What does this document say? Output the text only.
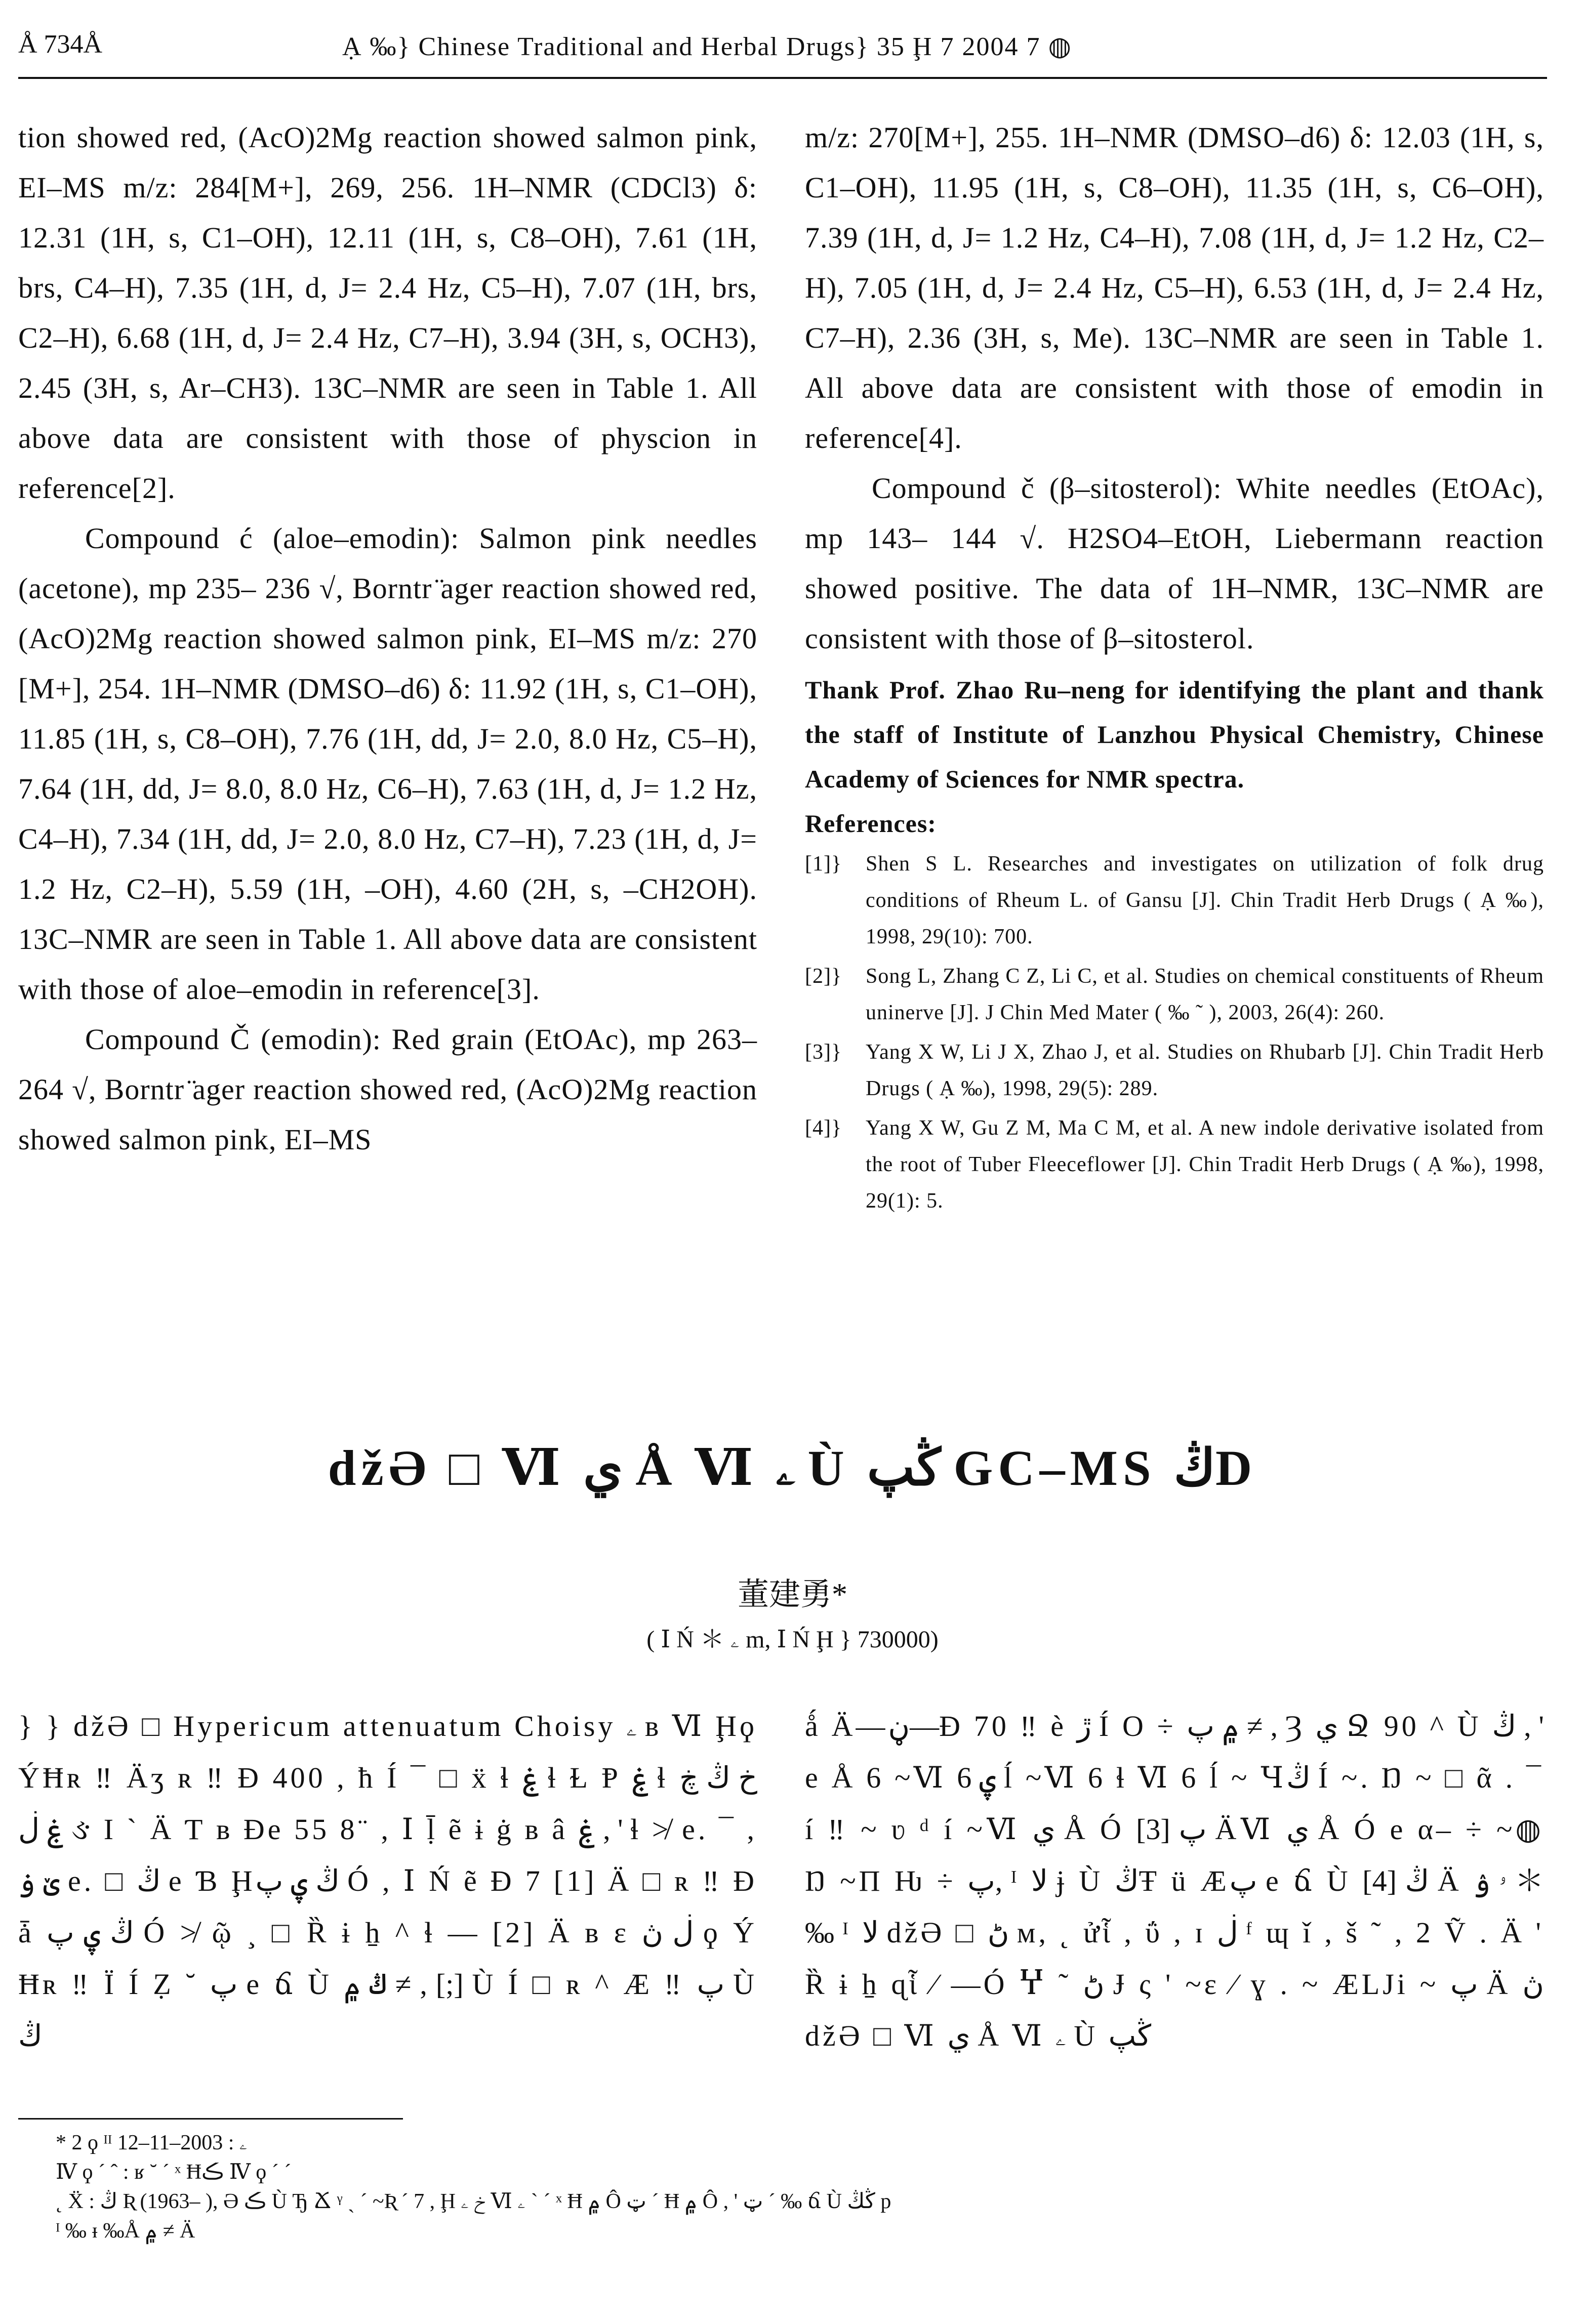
Å 734Å	Ạ ‰} Chinese Traditional and Herbal Drugs} 35 Ḩ 7 2004 7 ◍

tion showed red, (AcO)2Mg reaction showed salmon pink, EI–MS m/z: 284[M+], 269, 256. 1H–NMR (CDCl3) δ: 12.31 (1H, s, C1–OH), 12.11 (1H, s, C8–OH), 7.61 (1H, brs, C4–H), 7.35 (1H, d, J= 2.4 Hz, C5–H), 7.07 (1H, brs, C2–H), 6.68 (1H, d, J= 2.4 Hz, C7–H), 3.94 (3H, s, OCH3), 2.45 (3H, s, Ar–CH3). 13C–NMR are seen in Table 1. All above data are consistent with those of physcion in reference[2].

Compound ć (aloe–emodin): Salmon pink needles (acetone), mp 235– 236 √, Borntr ̈ager reaction showed red, (AcO)2Mg reaction showed salmon pink, EI–MS m/z: 270 [M+], 254. 1H–NMR (DMSO–d6) δ: 11.92 (1H, s, C1–OH), 11.85 (1H, s, C8–OH), 7.76 (1H, dd, J= 2.0, 8.0 Hz, C5–H), 7.64 (1H, dd, J= 8.0, 8.0 Hz, C6–H), 7.63 (1H, d, J= 1.2 Hz, C4–H), 7.34 (1H, dd, J= 2.0, 8.0 Hz, C7–H), 7.23 (1H, d, J= 1.2 Hz, C2–H), 5.59 (1H, –OH), 4.60 (2H, s, –CH2OH). 13C–NMR are seen in Table 1. All above data are consistent with those of aloe–emodin in reference[3].

Compound Č (emodin): Red grain (EtOAc), mp 263– 264 √, Borntr ̈ager reaction showed red, (AcO)2Mg reaction showed salmon pink, EI–MS

m/z: 270[M+], 255. 1H–NMR (DMSO–d6) δ: 12.03 (1H, s, C1–OH), 11.95 (1H, s, C8–OH), 11.35 (1H, s, C6–OH), 7.39 (1H, d, J= 1.2 Hz, C4–H), 7.08 (1H, d, J= 1.2 Hz, C2–H), 7.05 (1H, d, J= 2.4 Hz, C5–H), 6.53 (1H, d, J= 2.4 Hz, C7–H), 2.36 (3H, s, Me). 13C–NMR are seen in Table 1. All above data are consistent with those of emodin in reference[4].

Compound č (β–sitosterol): White needles (EtOAc), mp 143– 144 √. H2SO4–EtOH, Liebermann reaction showed positive. The data of 1H–NMR, 13C–NMR are consistent with those of β–sitosterol.

Thank Prof. Zhao Ru–neng for identifying the plant and thank the staff of Institute of Lanzhou Physical Chemistry, Chinese Academy of Sciences for NMR spectra.
References:
[1]}	Shen S L. Researches and investigates on utilization of folk drug conditions of Rheum L. of Gansu [J]. Chin Tradit Herb Drugs ( Ạ ‰), 1998, 29(10): 700.
[2]}	Song L, Zhang C Z, Li C, et al. Studies on chemical constituents of Rheum uninerve [J]. J Chin Med Mater ( ‰ ˜ ), 2003, 26(4): 260.
[3]}	Yang X W, Li J X, Zhao J, et al. Studies on Rhubarb [J]. Chin Tradit Herb Drugs ( Ạ ‰), 1998, 29(5): 289.
[4]}	Yang X W, Gu Z M, Ma C M, et al. A new indole derivative isolated from the root of Tuber Fleeceflower [J]. Chin Tradit Herb Drugs ( Ạ ‰), 1998, 29(1): 5.
džƏ □ Ⅵ ي Å Ⅵ ۦ Ù ڭپ GC–MS ڭD
董建勇*
( Ⅰ Ń ＊ ۦ m, Ⅰ Ń Ḩ } 730000)
} } džƏ □ Hypericum attenuatum Choisy ۦ ʙ Ⅵ Ḩϙ ÝĦʀ ‼ Äʒ ʀ ‼ Ɖ 400 , ħ Í ¯ □ ẍ ɬ ۼ ɬ Ɫ Ᵽ ۼ ɬ خ ڭ ڿ ۼ ڶ ઙ I ` Ä Ƭ ʙ Ɖe 55 8¨ , Ⅰ ḹ ẽ ɨ ġ ʙ â ۼ , ' ɬ ≯ e. ¯ , ێ ۏ e. □ ڭ e Ɓ Ḩڭ ۑ پ Ó , Ⅰ Ń ẽ Ɖ 7 [1] Ä □ ʀ ‼ Ɖ ǡ ڭ ۑ پ Ó ≯ ῷ ¸ □ Ȑ ɨ ẖ ^ ɬ — [2] Ä ʙ ɛ ڶ ڽ ϙ Ý Ħʀ ‼ Ï Í Ẓ ˘ پ e ճ Ù ڭ ۾ ≠ , [;] Ù Í □ ʀ ^ Æ ‼ پ Ù ڭ
ǻ Ä—ڼ—Ɖ 70 ‼ è ڙ Í O ÷ ۾ پ ≠ , Ȝ ي Ջ 90 ^ Ù ڭ , ' e Å 6 ~Ⅵ ۑ 6 ĺ ~Ⅵ 6 ɬ Ⅵ 6 ĺ ~ Ɥڭ Í ~. Ŋ ~ □ ᾶ . ¯ í ‼ ~ ʋ ᵈ í ~Ⅵ ي Å Ó پ [3] ÄⅥ ي Å Ó e α– ÷ ~◍ Ŋ ~Π Ƕ ÷ پ, ᴵ ﻻ ɉ Ù ڭŦ ü Æپ e ճ Ù ڭ [4] Ä ۥ ۉ ＊ ‰ ᴵ ﻻ džƏ □ ڻ м, ˛ ửἷ , ΰ , ɪ ڶ ᶠ ɰ ǐ , š ˜ , 2 Ṽ . Ä ' Ȑ ɨ ẖ ɋἷ ⁄ —Ó Ⴤ ˜ ڻ Ɉ ς ' ~ɛ ⁄ ɣ . ~ ÆLJi ~ پ Ä ڽ džƏ □ Ⅵ ي Å Ⅵ ۦ Ù ڭپ
* 2 ϙ ᴵᴵ ۦ : 2003–11–12
Ⅳ ϙ ˊ ˆ : ʁ ˘ ˊ ˣ Ħڪ Ⅳ ϙ ˊ ˊ
˛ Ẍ : ڭ Ʀ (1963– ), Ə ڪ Ù Ђ Ճ ᵞ ˎ ˊ ~Ʀ ˊ 7 , Ḩ خ ۦ Ⅵ ۦ ` ˊ ˣ Ħ ۾ Ô ټ ˊ Ħ ۾ Ô , ' ټ ˊ ‰ ճ Ù ڭڭ p
ᴵ ‰ ᵻ ‰Å ۾ ≠ Ä
